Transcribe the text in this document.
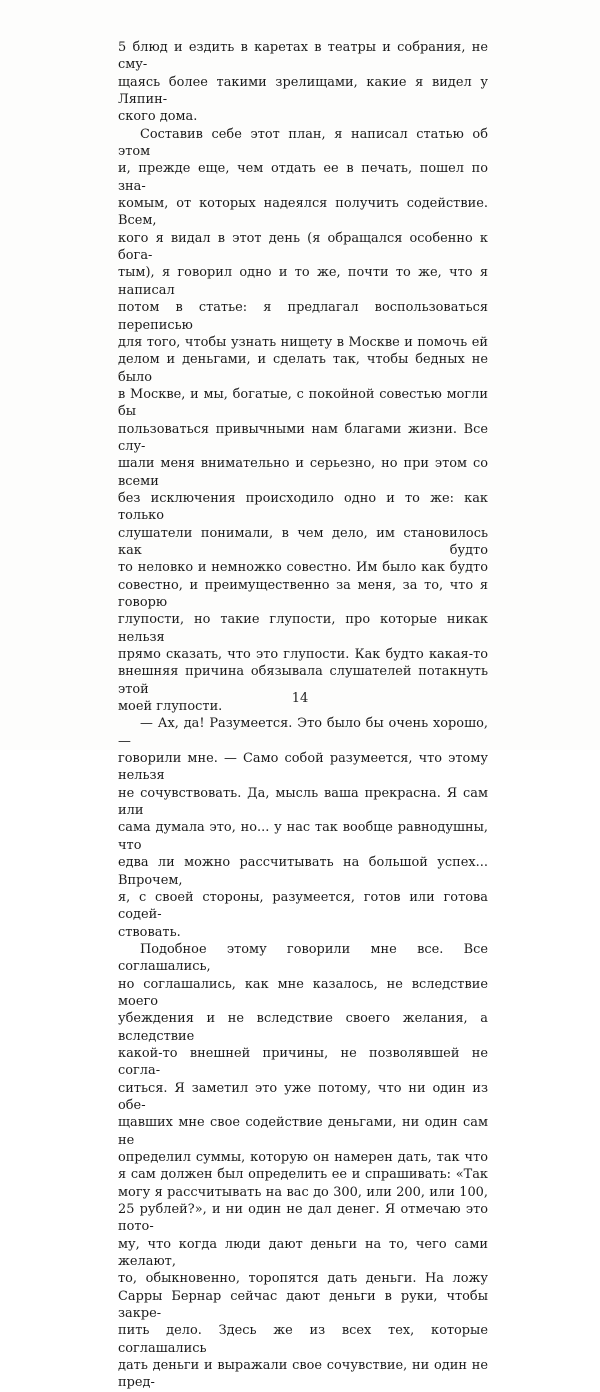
5 блюд и ездить в каретах в театры и собрания, не сму-
щаясь более такими зрелищами, какие я видел у Ляпин-
ского дома.

Составив себе этот план, я написал статью об этом
и, прежде еще, чем отдать ее в печать, пошел по зна-
комым, от которых надеялся получить содействие. Всем,
кого я видал в этот день (я обращался особенно к бога-
тым), я говорил одно и то же, почти то же, что я написал
потом в статье: я предлагал воспользоваться переписью
для того, чтобы узнать нищету в Москве и помочь ей
делом и деньгами, и сделать так, чтобы бедных не было
в Москве, и мы, богатые, с покойной совестью могли бы
пользоваться привычными нам благами жизни. Все слу-
шали меня внимательно и серьезно, но при этом со всеми
без исключения происходило одно и то же: как только
слушатели понимали, в чем дело, им становилось как будто
то неловко и немножко совестно. Им было как будто
совестно, и преимущественно за меня, за то, что я говорю
глупости, но такие глупости, про которые никак нельзя
прямо сказать, что это глупости. Как будто какая-то
внешняя причина обязывала слушателей потакнуть этой
моей глупости.

— Ах, да! Разумеется. Это было бы очень хорошо,—
говорили мне. — Само собой разумеется, что этому нельзя
не сочувствовать. Да, мысль ваша прекрасна. Я сам или
сама думала это, но... у нас так вообще равнодушны, что
едва ли можно рассчитывать на большой успех... Впрочем,
я, с своей стороны, разумеется, готов или готова содей-
ствовать.

Подобное этому говорили мне все. Все соглашались,
но соглашались, как мне казалось, не вследствие моего
убеждения и не вследствие своего желания, а вследствие
какой-то внешней причины, не позволявшей не согла-
ситься. Я заметил это уже потому, что ни один из обе-
щавших мне свое содействие деньгами, ни один сам не
определил суммы, которую он намерен дать, так что
я сам должен был определить ее и спрашивать: «Так
могу я рассчитывать на вас до 300, или 200, или 100,
25 рублей?», и ни один не дал денег. Я отмечаю это пото-
му, что когда люди дают деньги на то, чего сами желают,
то, обыкновенно, торопятся дать деньги. На ложу
Сарры Бернар сейчас дают деньги в руки, чтобы закре-
пить дело. Здесь же из всех тех, которые соглашались
дать деньги и выражали свое сочувствие, ни один не пред-

14
